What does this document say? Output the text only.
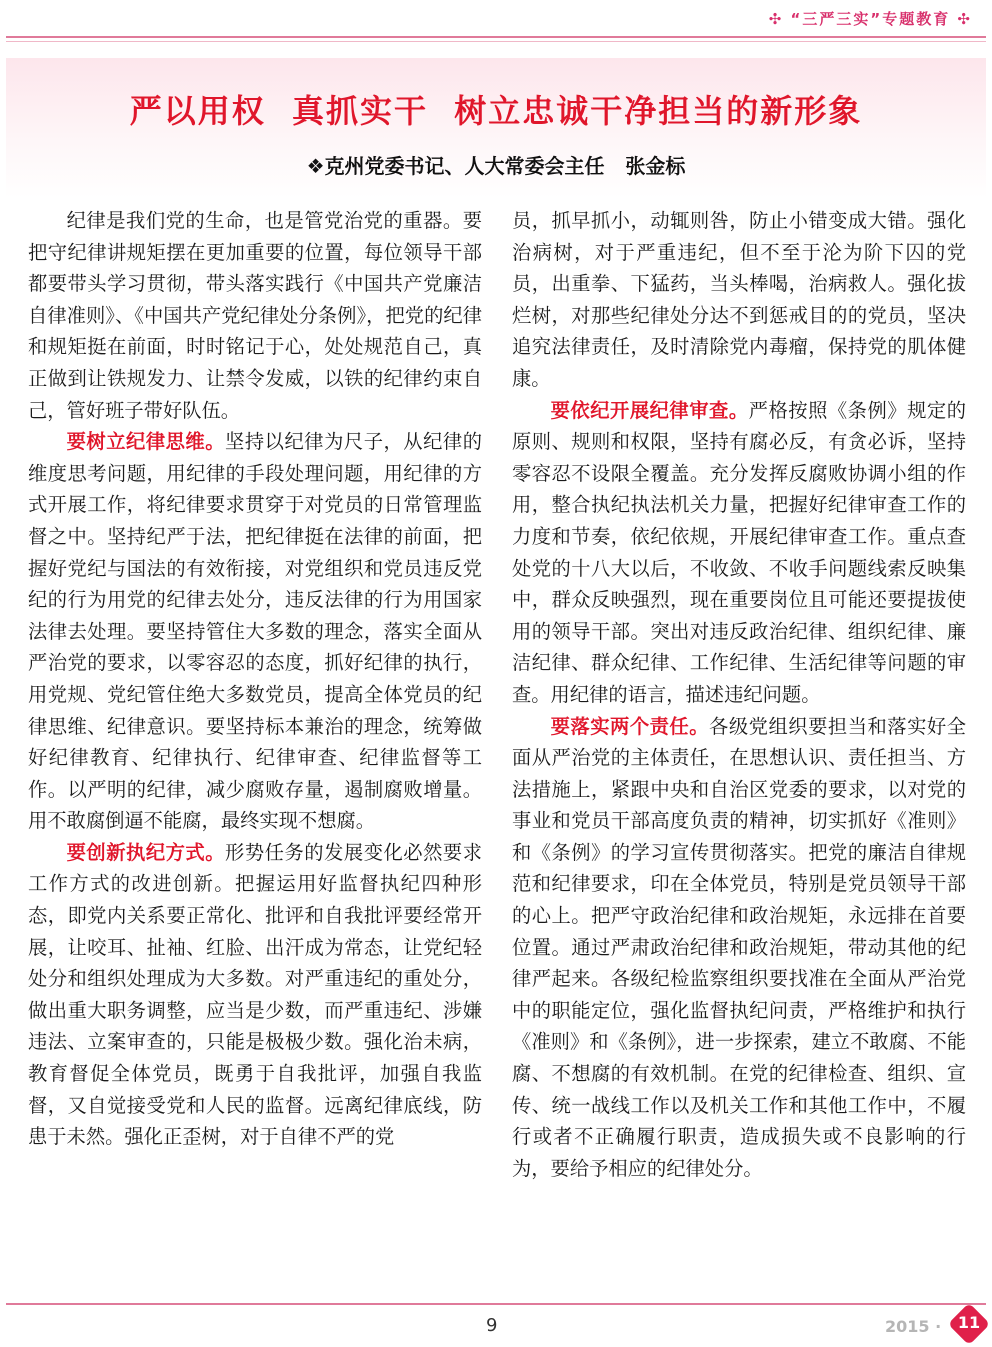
✣ “三严三实”专题教育 ✣
严以用权  真抓实干  树立忠诚干净担当的新形象
❖克州党委书记、人大常委会主任   张金标

纪律是我们党的生命，也是管党治党的重器。要把守纪律讲规矩摆在更加重要的位置，每位领导干部都要带头学习贯彻，带头落实践行《中国共产党廉洁自律准则》、《中国共产党纪律处分条例》，把党的纪律和规矩挺在前面，时时铭记于心，处处规范自己，真正做到让铁规发力、让禁令发威，以铁的纪律约束自己，管好班子带好队伍。

要树立纪律思维。坚持以纪律为尺子，从纪律的维度思考问题，用纪律的手段处理问题，用纪律的方式开展工作，将纪律要求贯穿于对党员的日常管理监督之中。坚持纪严于法，把纪律挺在法律的前面，把握好党纪与国法的有效衔接，对党组织和党员违反党纪的行为用党的纪律去处分，违反法律的行为用国家法律去处理。要坚持管住大多数的理念，落实全面从严治党的要求，以零容忍的态度，抓好纪律的执行，用党规、党纪管住绝大多数党员，提高全体党员的纪律思维、纪律意识。要坚持标本兼治的理念，统筹做好纪律教育、纪律执行、纪律审查、纪律监督等工作。以严明的纪律，减少腐败存量，遏制腐败增量。用不敢腐倒逼不能腐，最终实现不想腐。

要创新执纪方式。形势任务的发展变化必然要求工作方式的改进创新。把握运用好监督执纪四种形态，即党内关系要正常化、批评和自我批评要经常开展，让咬耳、扯袖、红脸、出汗成为常态，让党纪轻处分和组织处理成为大多数。对严重违纪的重处分，做出重大职务调整，应当是少数，而严重违纪、涉嫌违法、立案审查的，只能是极极少数。强化治未病，教育督促全体党员，既勇于自我批评，加强自我监督，又自觉接受党和人民的监督。远离纪律底线，防患于未然。强化正歪树，对于自律不严的党

员，抓早抓小，动辄则咎，防止小错变成大错。强化治病树，对于严重违纪，但不至于沦为阶下囚的党员，出重拳、下猛药，当头棒喝，治病救人。强化拔烂树，对那些纪律处分达不到惩戒目的的党员，坚决追究法律责任，及时清除党内毒瘤，保持党的肌体健康。

要依纪开展纪律审查。严格按照《条例》规定的原则、规则和权限，坚持有腐必反，有贪必诉，坚持零容忍不设限全覆盖。充分发挥反腐败协调小组的作用，整合执纪执法机关力量，把握好纪律审查工作的力度和节奏，依纪依规，开展纪律审查工作。重点查处党的十八大以后，不收敛、不收手问题线索反映集中，群众反映强烈，现在重要岗位且可能还要提拔使用的领导干部。突出对违反政治纪律、组织纪律、廉洁纪律、群众纪律、工作纪律、生活纪律等问题的审查。用纪律的语言，描述违纪问题。

要落实两个责任。各级党组织要担当和落实好全面从严治党的主体责任，在思想认识、责任担当、方法措施上，紧跟中央和自治区党委的要求，以对党的事业和党员干部高度负责的精神，切实抓好《准则》和《条例》的学习宣传贯彻落实。把党的廉洁自律规范和纪律要求，印在全体党员，特别是党员领导干部的心上。把严守政治纪律和政治规矩，永远排在首要位置。通过严肃政治纪律和政治规矩，带动其他的纪律严起来。各级纪检监察组织要找准在全面从严治党中的职能定位，强化监督执纪问责，严格维护和执行《准则》和《条例》，进一步探索，建立不敢腐、不能腐、不想腐的有效机制。在党的纪律检查、组织、宣传、统一战线工作以及机关工作和其他工作中，不履行或者不正确履行职责，造成损失或不良影响的行为，要给予相应的纪律处分。

9	2015 · 11
